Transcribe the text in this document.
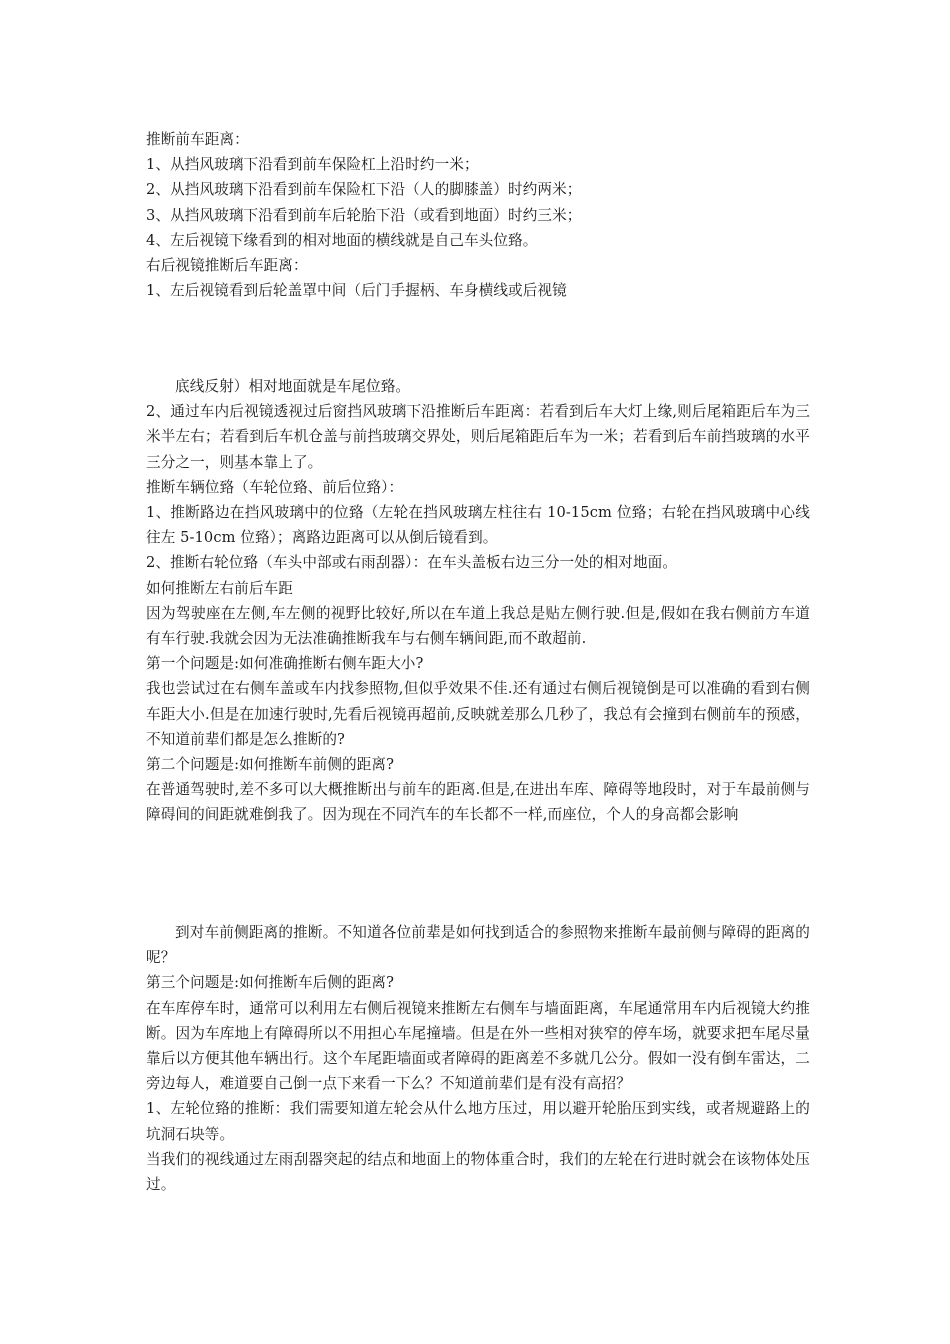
推断前车距离：
1、从挡风玻璃下沿看到前车保险杠上沿时约一米；
2、从挡风玻璃下沿看到前车保险杠下沿（人的脚膝盖）时约两米；
3、从挡风玻璃下沿看到前车后轮胎下沿（或看到地面）时约三米；
4、左后视镜下缘看到的相对地面的横线就是自己车头位臵。
右后视镜推断后车距离：
1、左后视镜看到后轮盖罩中间（后门手握柄、车身横线或后视镜
底线反射）相对地面就是车尾位臵。
2、通过车内后视镜透视过后窗挡风玻璃下沿推断后车距离：若看到后车大灯上缘,则后尾箱距后车为三米半左右；若看到后车机仓盖与前挡玻璃交界处，则后尾箱距后车为一米；若看到后车前挡玻璃的水平三分之一，则基本靠上了。
推断车辆位臵（车轮位臵、前后位臵）：
1、推断路边在挡风玻璃中的位臵（左轮在挡风玻璃左柱往右 10-15cm 位臵；右轮在挡风玻璃中心线往左 5-10cm 位臵）；离路边距离可以从倒后镜看到。
2、推断右轮位臵（车头中部或右雨刮器）：在车头盖板右边三分一处的相对地面。
如何推断左右前后车距
因为驾驶座在左侧,车左侧的视野比较好,所以在车道上我总是贴左侧行驶.但是,假如在我右侧前方车道有车行驶.我就会因为无法准确推断我车与右侧车辆间距,而不敢超前.
第一个问题是:如何准确推断右侧车距大小?
我也尝试过在右侧车盖或车内找参照物,但似乎效果不佳.还有通过右侧后视镜倒是可以准确的看到右侧车距大小.但是在加速行驶时,先看后视镜再超前,反映就差那么几秒了，我总有会撞到右侧前车的预感，不知道前辈们都是怎么推断的?
第二个问题是:如何推断车前侧的距离?
在普通驾驶时,差不多可以大概推断出与前车的距离.但是,在进出车库、障碍等地段时，对于车最前侧与障碍间的间距就难倒我了。因为现在不同汽车的车长都不一样,而座位，个人的身高都会影响
到对车前侧距离的推断。不知道各位前辈是如何找到适合的参照物来推断车最前侧与障碍的距离的呢？
第三个问题是:如何推断车后侧的距离?
在车库停车时，通常可以利用左右侧后视镜来推断左右侧车与墙面距离，车尾通常用车内后视镜大约推断。因为车库地上有障碍所以不用担心车尾撞墙。但是在外一些相对狭窄的停车场，就要求把车尾尽量靠后以方便其他车辆出行。这个车尾距墙面或者障碍的距离差不多就几公分。假如一没有倒车雷达，二旁边每人，难道要自己倒一点下来看一下么？不知道前辈们是有没有高招？
1、左轮位臵的推断：我们需要知道左轮会从什么地方压过，用以避开轮胎压到实线，或者规避路上的坑洞石块等。
当我们的视线通过左雨刮器突起的结点和地面上的物体重合时，我们的左轮在行进时就会在该物体处压过。
